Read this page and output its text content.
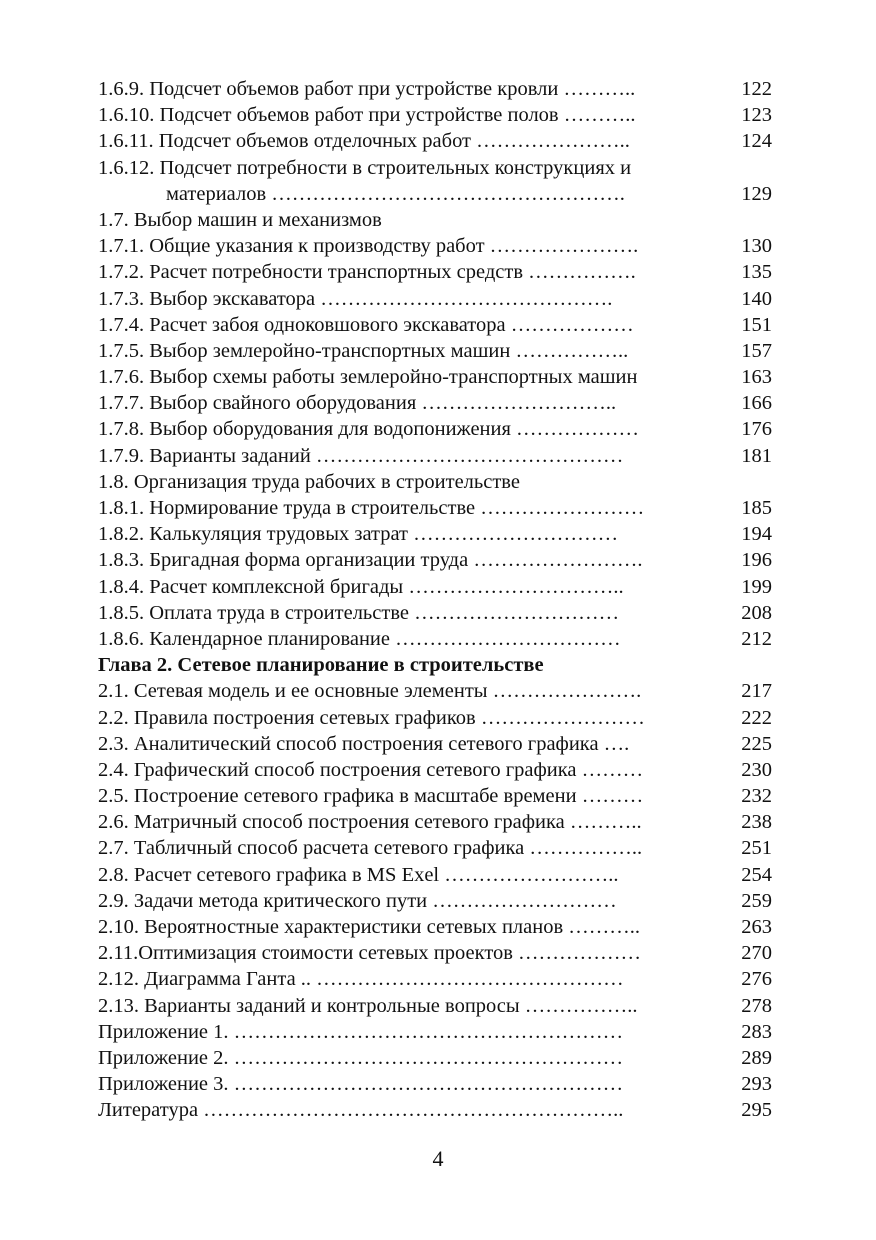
1.6.9. Подсчет объемов работ при устройстве кровли ………..	122
1.6.10. Подсчет объемов работ при устройстве полов ………..	123
1.6.11. Подсчет объемов отделочных работ …………………..	124
1.6.12. Подсчет потребности в строительных конструкциях и
материалов …………………………………………….	129
1.7. Выбор машин и механизмов
1.7.1. Общие указания к производству работ ………………….	130
1.7.2. Расчет потребности транспортных средств …………….	135
1.7.3. Выбор экскаватора …………………………………….	140
1.7.4. Расчет забоя одноковшового экскаватора ………………	151
1.7.5. Выбор землеройно-транспортных машин ……………..	157
1.7.6. Выбор схемы работы землеройно-транспортных машин	163
1.7.7. Выбор свайного оборудования ………………………..	166
1.7.8. Выбор оборудования для водопонижения ………………	176
1.7.9. Варианты заданий ………………………………………	181
1.8. Организация труда рабочих в строительстве
1.8.1. Нормирование труда в строительстве ……………………	185
1.8.2. Калькуляция трудовых затрат …………………………	194
1.8.3. Бригадная форма организации труда …………………….	196
1.8.4. Расчет комплексной бригады …………………………..	199
1.8.5. Оплата труда в строительстве …………………………	208
1.8.6. Календарное планирование ……………………………	212
Глава 2. Сетевое планирование в строительстве
2.1. Сетевая модель и ее основные элементы ………………….	217
2.2. Правила построения сетевых графиков ……………………	222
2.3. Аналитический способ построения сетевого графика ….	225
2.4. Графический способ построения сетевого графика ………	230
2.5. Построение сетевого графика в масштабе времени ………	232
2.6. Матричный способ построения сетевого графика ………..	238
2.7. Табличный способ расчета сетевого графика ……………..	251
2.8. Расчет сетевого графика в MS Exel ……………………..	254
2.9. Задачи метода критического пути ………………………	259
2.10. Вероятностные характеристики сетевых планов ………..	263
2.11.Оптимизация стоимости сетевых проектов ………………	270
2.12. Диаграмма Ганта .. ………………………………………	276
2.13. Варианты заданий и контрольные вопросы ……………..	278
Приложение 1. …………………………………………………	283
Приложение 2. …………………………………………………	289
Приложение 3. …………………………………………………	293
Литература ……………………………………………………..	295
4
